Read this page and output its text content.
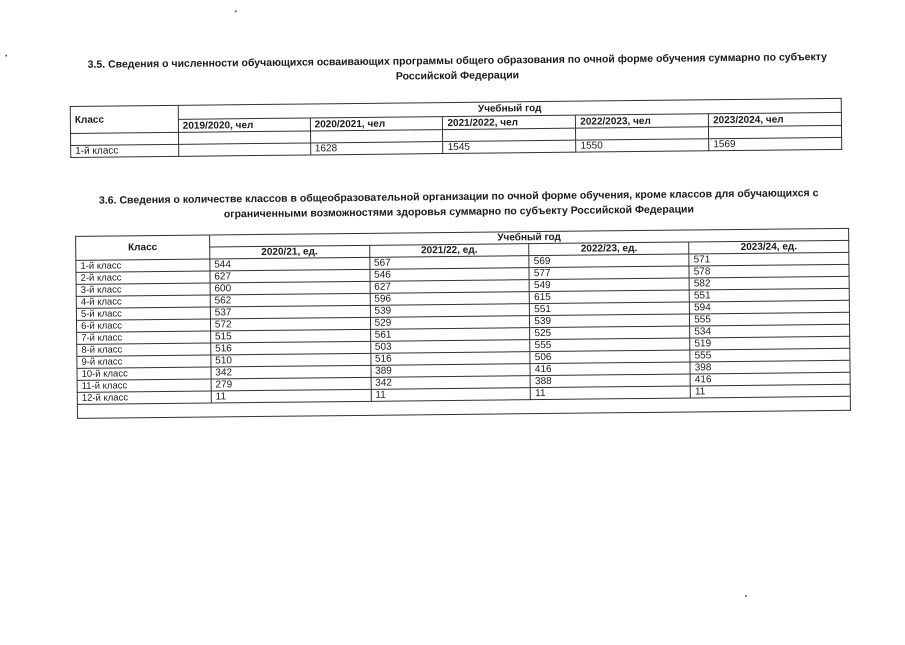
3.5. Сведения о численности обучающихся осваивающих программы общего образования по очной форме обучения суммарно по субъекту
Российской Федерации
Класс	Учебный год				
	2019/2020, чел	2020/2021, чел	2021/2022, чел	2022/2023, чел	2023/2024, чел

1-й класс		1628	1545	1550	1569
3.6. Сведения о количестве классов в общеобразовательной организации по очной форме обучения, кроме классов для обучающихся с
ограниченными возможностями здоровья суммарно по субъекту Российской Федерации
Класс	Учебный год			
	2020/21, ед.	2021/22, ед.	2022/23, ед.	2023/24, ед.
1-й класс	544	567	569	571
2-й класс	627	546	577	578
3-й класс	600	627	549	582
4-й класс	562	596	615	551
5-й класс	537	539	551	594
6-й класс	572	529	539	555
7-й класс	515	561	525	534
8-й класс	516	503	555	519
9-й класс	510	516	506	555
10-й класс	342	389	416	398
11-й класс	279	342	388	416
12-й класс	11	11	11	11
